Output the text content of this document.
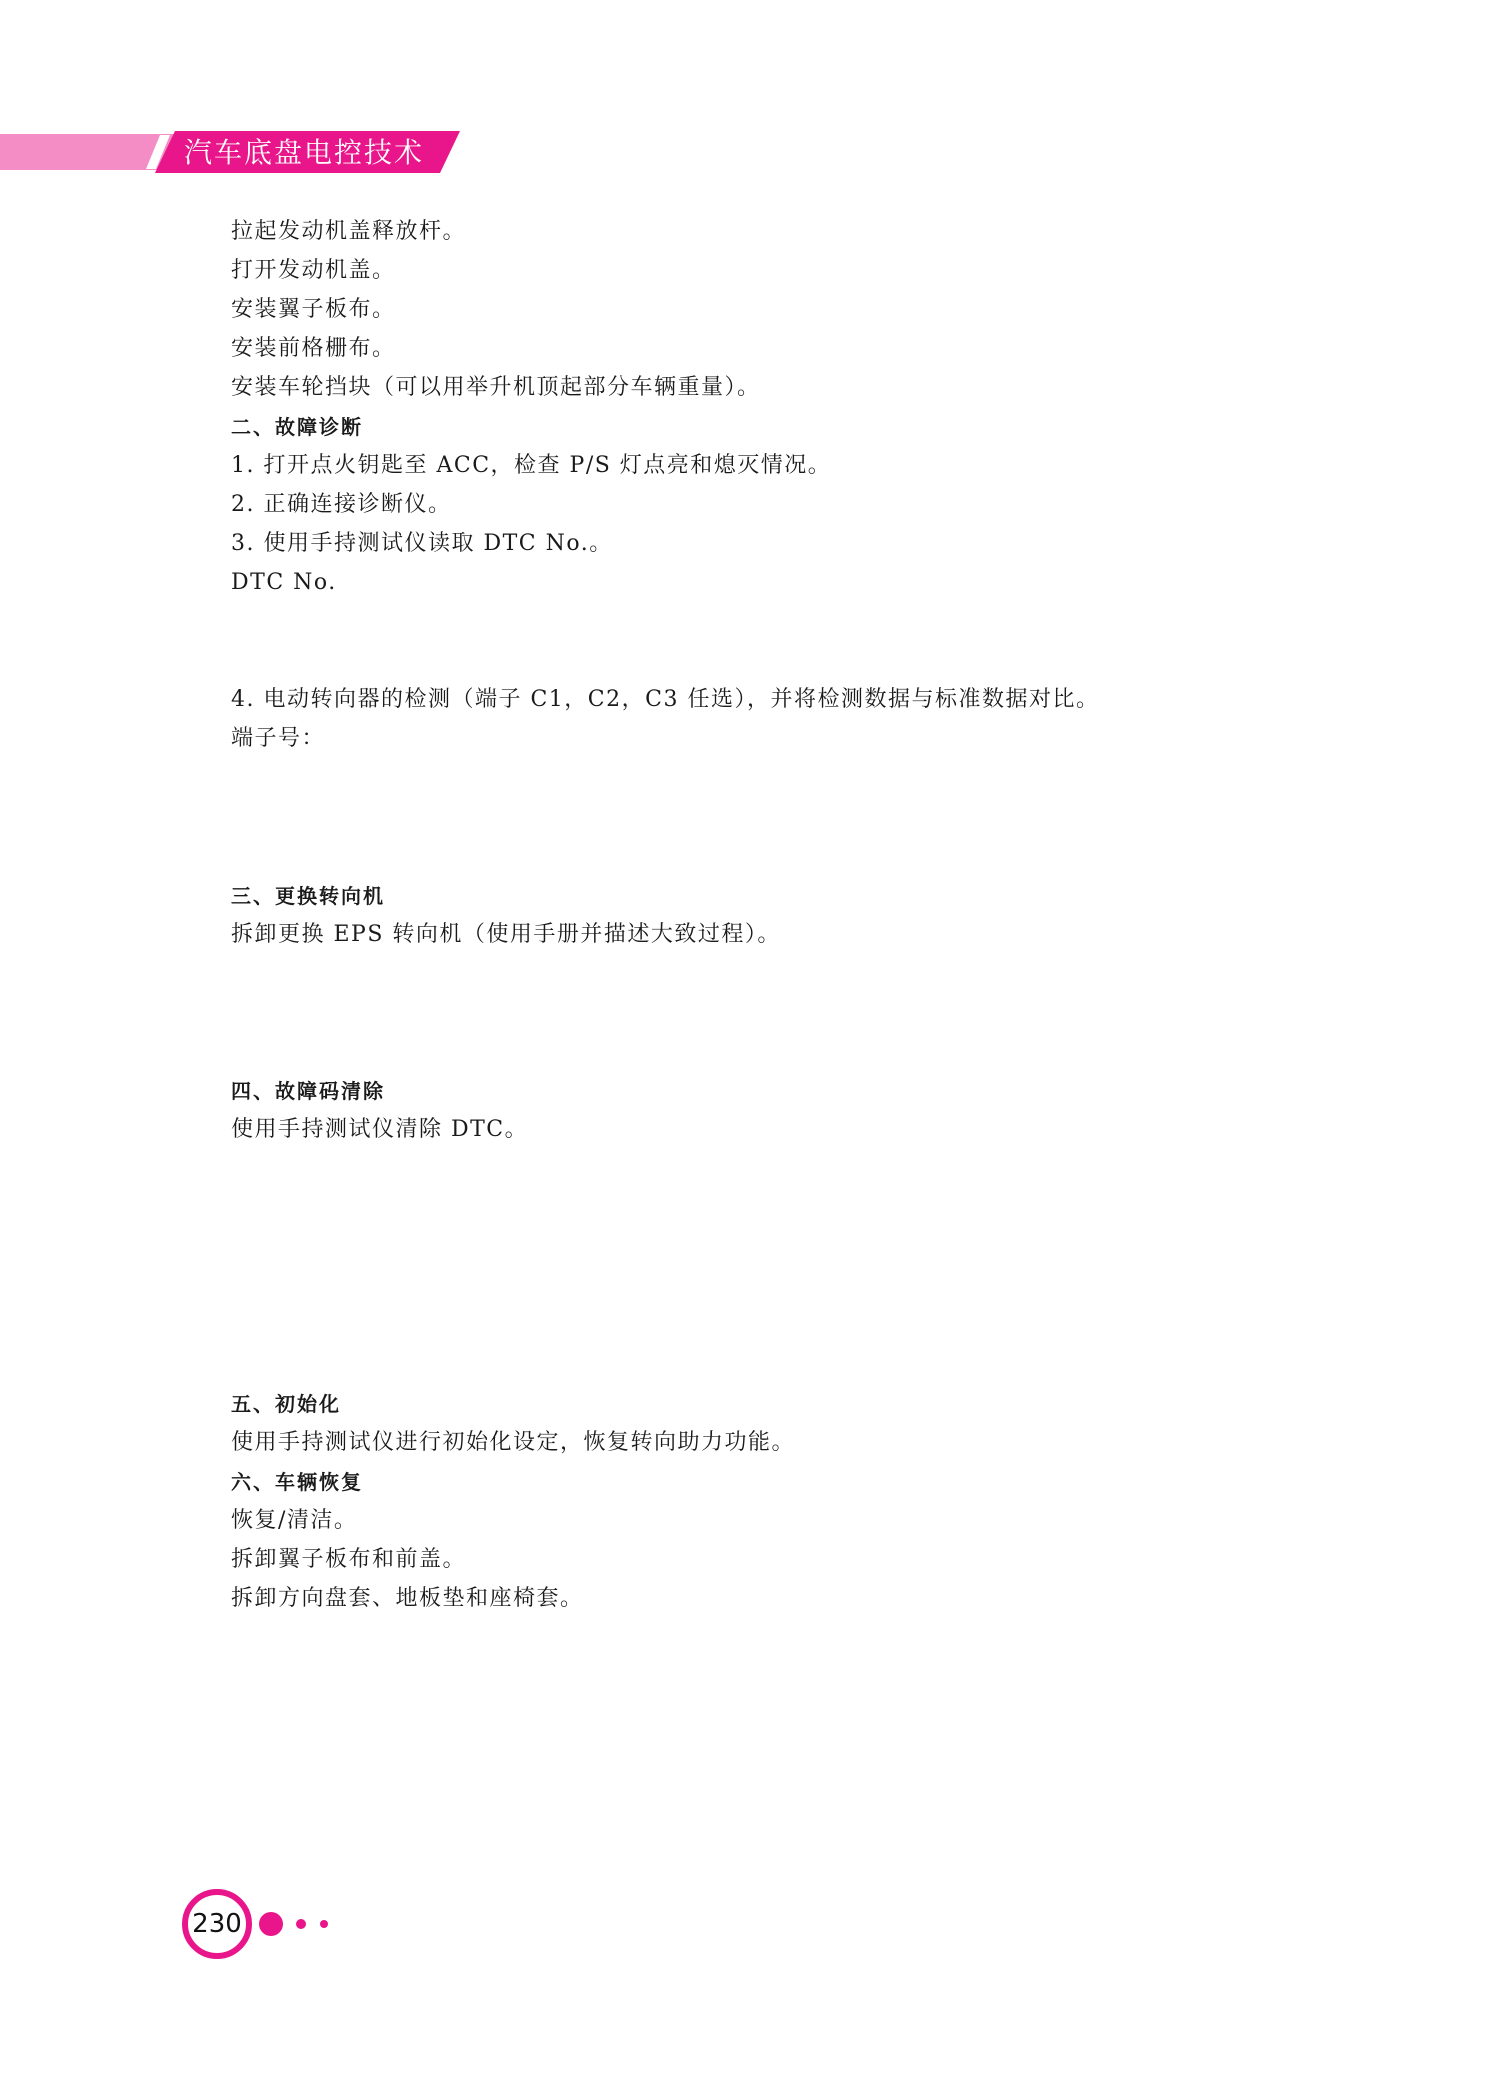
汽车底盘电控技术
拉起发动机盖释放杆。
打开发动机盖。
安装翼子板布。
安装前格栅布。
安装车轮挡块（可以用举升机顶起部分车辆重量）。
二、故障诊断
1. 打开点火钥匙至 ACC，检查 P/S 灯点亮和熄灭情况。
2. 正确连接诊断仪。
3. 使用手持测试仪读取 DTC No.。
DTC No.
4. 电动转向器的检测（端子 C1，C2，C3 任选），并将检测数据与标准数据对比。
端子号：
三、更换转向机
拆卸更换 EPS 转向机（使用手册并描述大致过程）。
四、故障码清除
使用手持测试仪清除 DTC。
五、初始化
使用手持测试仪进行初始化设定，恢复转向助力功能。
六、车辆恢复
恢复/清洁。
拆卸翼子板布和前盖。
拆卸方向盘套、地板垫和座椅套。
230
